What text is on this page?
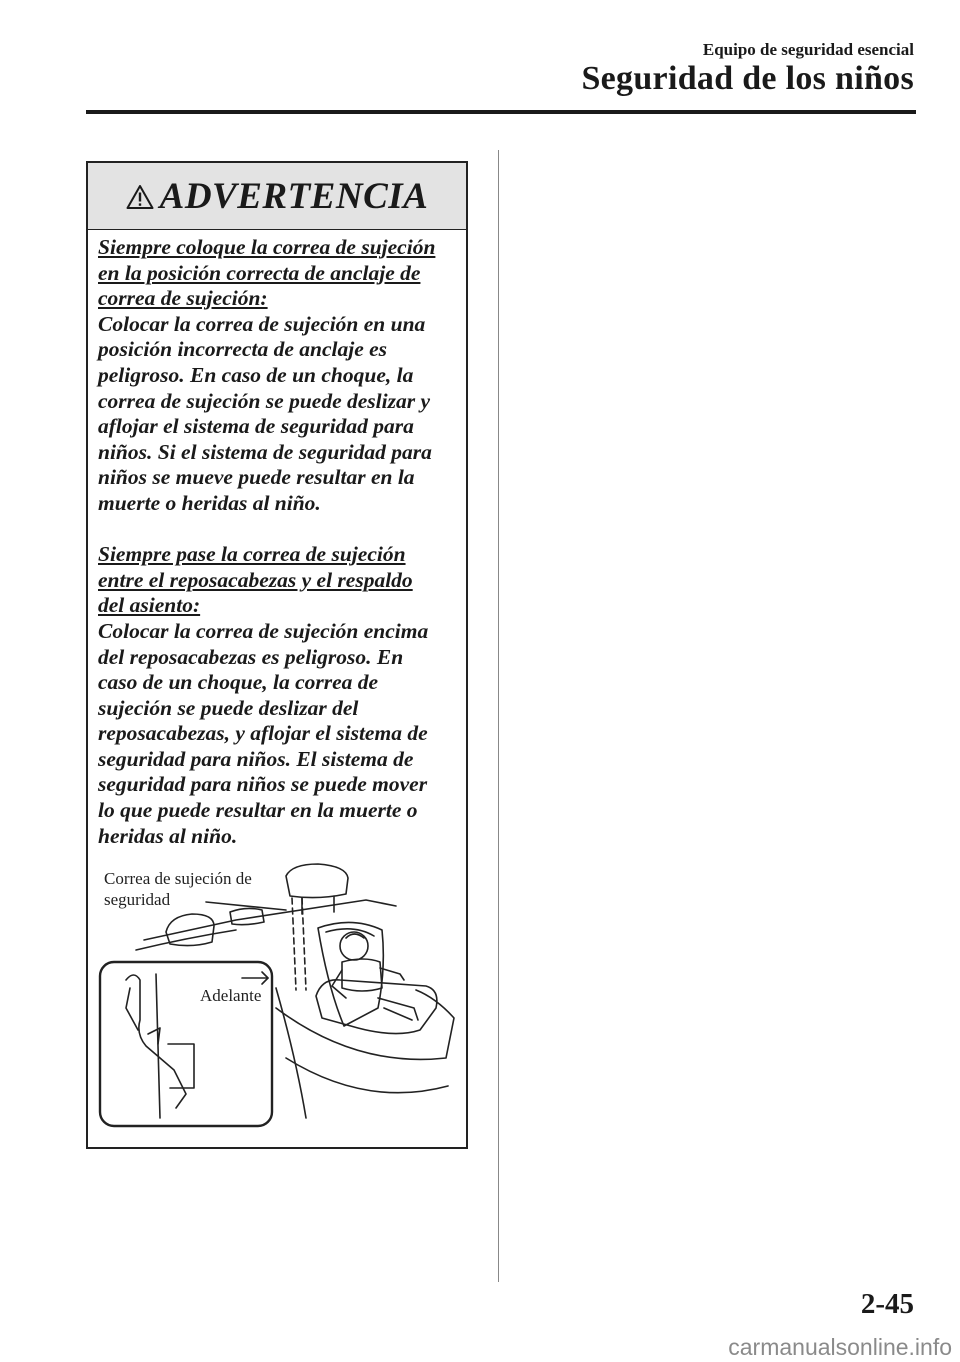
Equipo de seguridad esencial
Seguridad de los niños
ADVERTENCIA

Siempre coloque la correa de sujeción

en la posición correcta de anclaje de

correa de sujeción:

Colocar la correa de sujeción en una

posición incorrecta de anclaje es

peligroso. En caso de un choque, la

correa de sujeción se puede deslizar y

aflojar el sistema de seguridad para

niños. Si el sistema de seguridad para

niños se mueve puede resultar en la

muerte o heridas al niño.

Siempre pase la correa de sujeción

entre el reposacabezas y el respaldo

del asiento:

Colocar la correa de sujeción encima

del reposacabezas es peligroso. En

caso de un choque, la correa de

sujeción se puede deslizar del

reposacabezas, y aflojar el sistema de

seguridad para niños. El sistema de

seguridad para niños se puede mover

lo que puede resultar en la muerte o

heridas al niño.

Correa de sujeción de
seguridad
Adelante
2-45
carmanualsonline.info
